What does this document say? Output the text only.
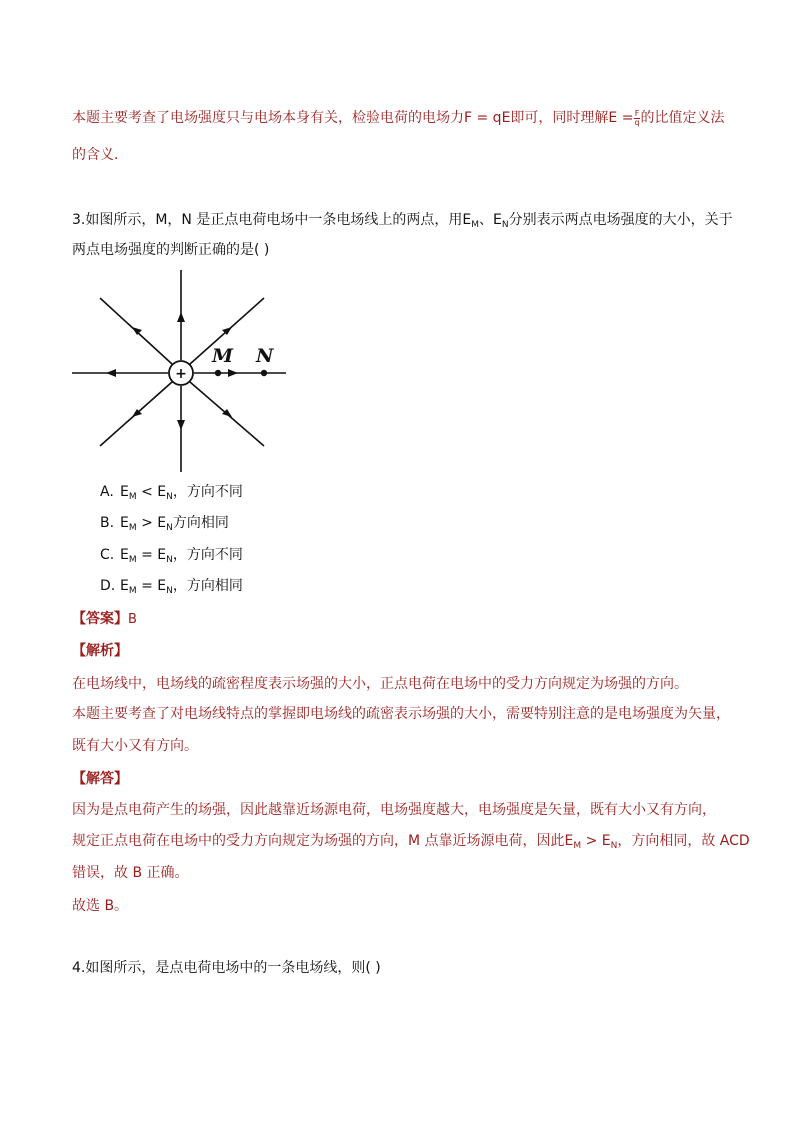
本题主要考查了电场强度只与电场本身有关，检验电荷的电场力F = qE即可，同时理解$E = \frac{F}{q}$ 的比值定义法
的含义．
3.如图所示，M，N 是正点电荷电场中一条电场线上的两点，用$E_M$、$E_N$分别表示两点电场强度的大小，关于
两点电场强度的判断正确的是( )
+
M N
A. $E_M < E_N$，方向不同
B. $E_M > E_N$方向相同
C. $E_M = E_N$，方向不同
D. $E_M = E_N$，方向相同
【答案】B
【解析】
在电场线中，电场线的疏密程度表示场强的大小，正点电荷在电场中的受力方向规定为场强的方向。
本题主要考查了对电场线特点的掌握即电场线的疏密表示场强的大小，需要特别注意的是电场强度为矢量，
既有大小又有方向。
【解答】
因为是点电荷产生的场强，因此越靠近场源电荷，电场强度越大，电场强度是矢量，既有大小又有方向，
规定正点电荷在电场中的受力方向规定为场强的方向，M 点靠近场源电荷，因此$E_M > E_N$，方向相同，故 ACD
错误，故 B 正确。
故选 B。
4.如图所示，是点电荷电场中的一条电场线，则( )
